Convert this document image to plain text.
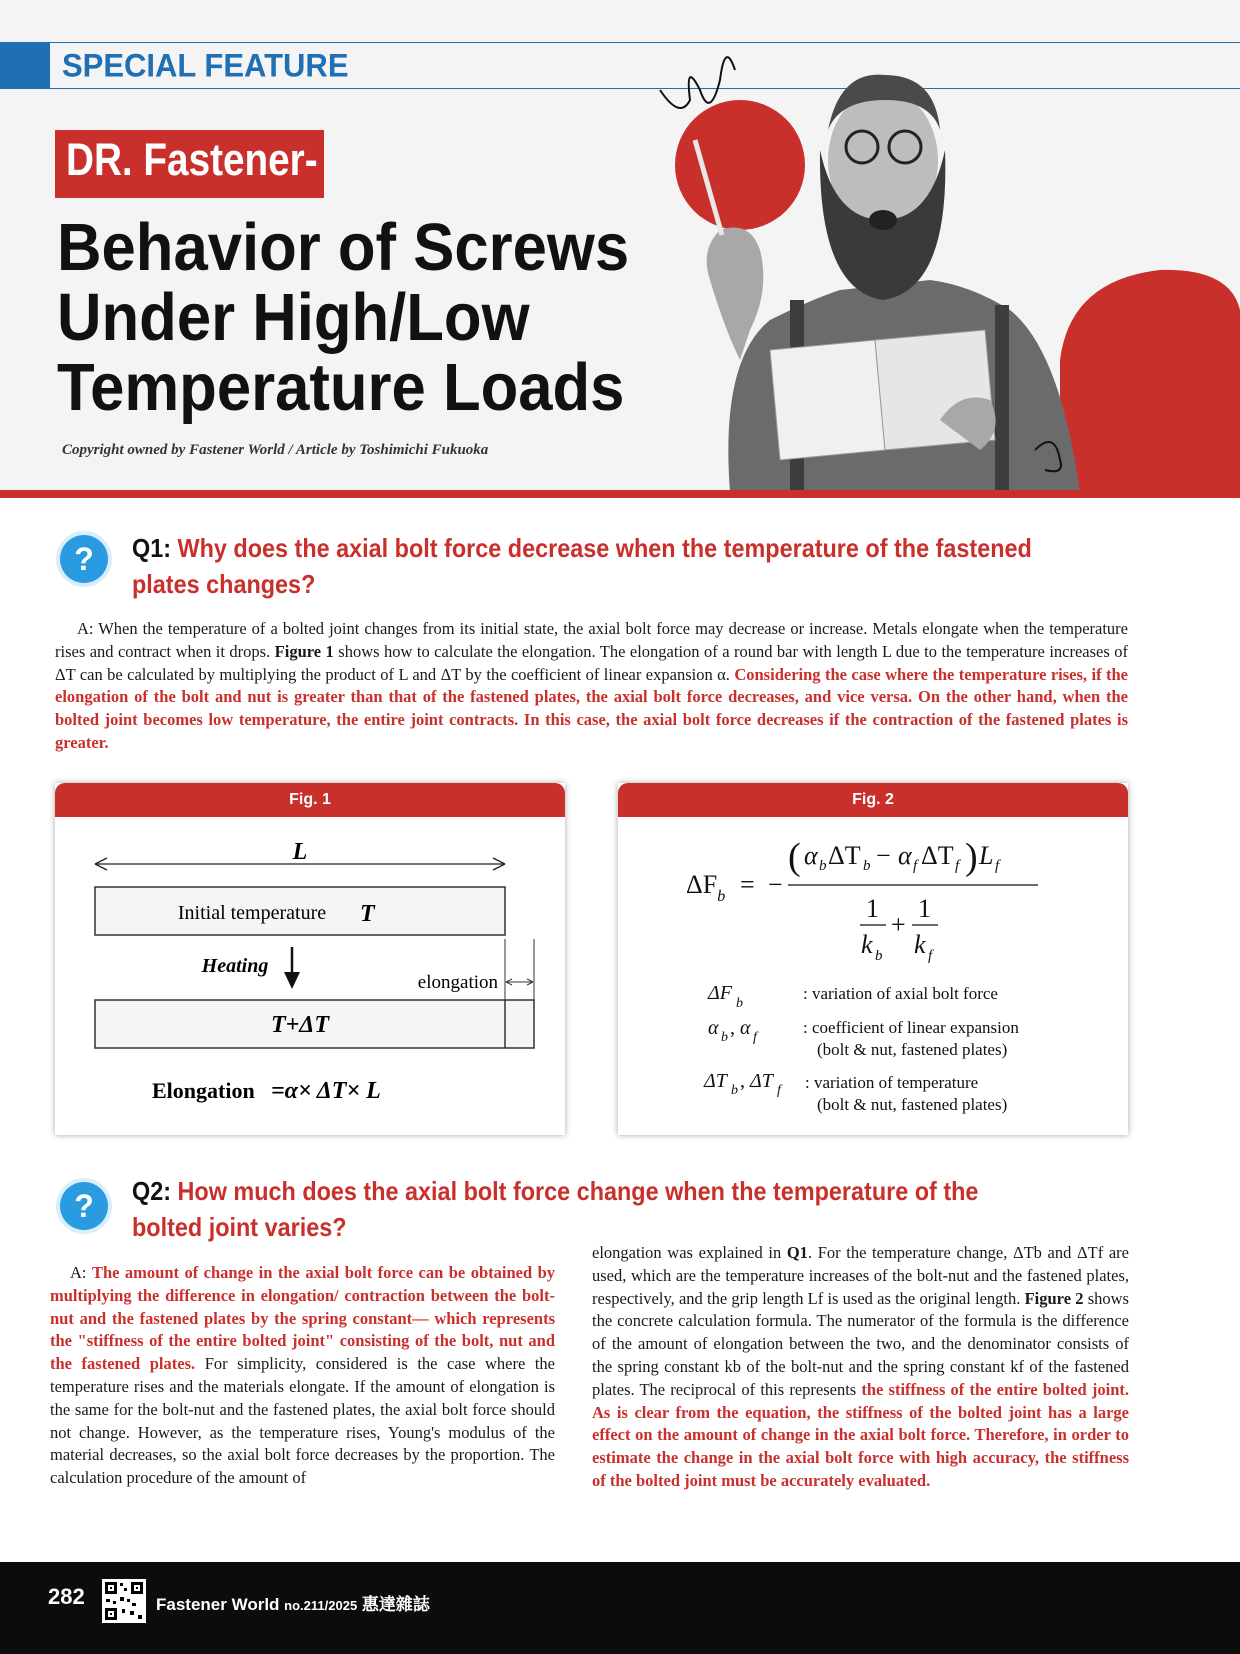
SPECIAL FEATURE
DR. Fastener-
Behavior of Screws
Under High/Low
Temperature Loads
Copyright owned by Fastener World / Article by Toshimichi Fukuoka
? Q1: Why does the axial bolt force decrease when the temperature of the fastened
plates changes?
A: When the temperature of a bolted joint changes from its initial state, the axial bolt force may decrease or increase. Metals elongate when the temperature rises and contract when it drops. Figure 1 shows how to calculate the elongation. The elongation of a round bar with length L due to the temperature increases of ΔT can be calculated by multiplying the product of L and ΔT by the coefficient of linear expansion α. Considering the case where the temperature rises, if the elongation of the bolt and nut is greater than that of the fastened plates, the axial bolt force decreases, and vice versa. On the other hand, when the bolted joint becomes low temperature, the entire joint contracts. In this case, the axial bolt force decreases if the contraction of the fastened plates is greater.
Fig. 1
L
Initial temperature T
Heating
elongation
T+ΔT
Elongation =α× ΔT× L
Fig. 2
$\Delta F_b$ = −
( α b ΔT b − α f ΔT f ) L f
1
k b
+
1
k f
ΔF b
α b , α f
ΔT b , ΔT f
: variation of axial bolt force
: coefficient of linear expansion
(bolt & nut, fastened plates)
: variation of temperature
(bolt & nut, fastened plates)
? Q2: How much does the axial bolt force change when the temperature of the
bolted joint varies?
A: The amount of change in the axial bolt force can be obtained by multiplying the difference in elongation/ contraction between the bolt-nut and the fastened plates by the spring constant— which represents the "stiffness of the entire bolted joint" consisting of the bolt, nut and the fastened plates. For simplicity, considered is the case where the temperature rises and the materials elongate. If the amount of elongation is the same for the bolt-nut and the fastened plates, the axial bolt force should not change. However, as the temperature rises, Young's modulus of the material decreases, so the axial bolt force decreases by the proportion. The calculation procedure of the amount of
elongation was explained in Q1. For the temperature change, ΔTb and ΔTf are used, which are the temperature increases of the bolt-nut and the fastened plates, respectively, and the grip length Lf is used as the original length. Figure 2 shows the concrete calculation formula. The numerator of the formula is the difference of the amount of elongation between the two, and the denominator consists of the spring constant kb of the bolt-nut and the spring constant kf of the fastened plates. The reciprocal of this represents the stiffness of the entire bolted joint. As is clear from the equation, the stiffness of the bolted joint has a large effect on the amount of change in the axial bolt force. Therefore, in order to estimate the change in the axial bolt force with high accuracy, the stiffness of the bolted joint must be accurately evaluated.
282	Fastener World no.211/2025 惠達雜誌
